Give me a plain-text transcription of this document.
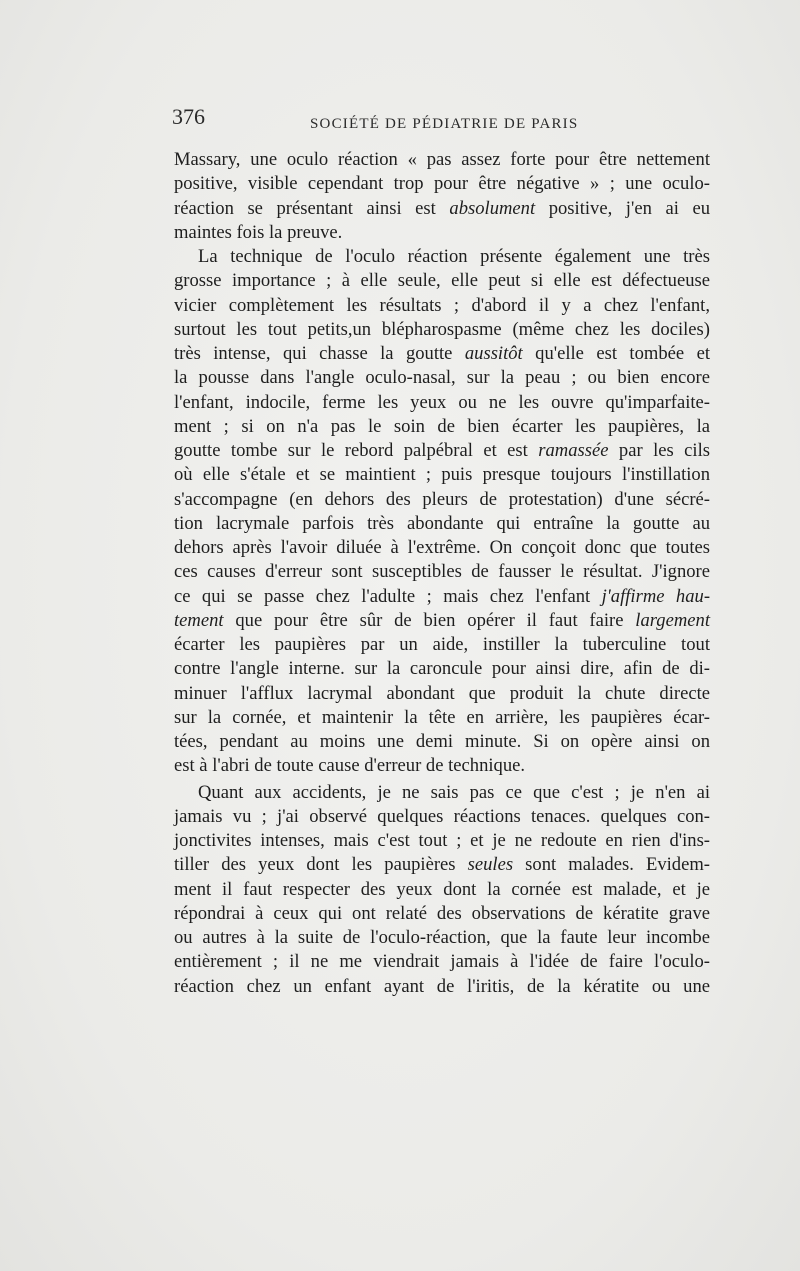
376	SOCIÉTÉ DE PÉDIATRIE DE PARIS
Massary, une oculo réaction « pas assez forte pour être nettement
positive, visible cependant trop pour être négative » ; une oculo-
réaction se présentant ainsi est absolument positive, j'en ai eu
maintes fois la preuve.
La technique de l'oculo réaction présente également une très
grosse importance ; à elle seule, elle peut si elle est défectueuse
vicier complètement les résultats ; d'abord il y a chez l'enfant,
surtout les tout petits,un blépharospasme (même chez les dociles)
très intense, qui chasse la goutte aussitôt qu'elle est tombée et
la pousse dans l'angle oculo-nasal, sur la peau ; ou bien encore
l'enfant, indocile, ferme les yeux ou ne les ouvre qu'imparfaite-
ment ; si on n'a pas le soin de bien écarter les paupières, la
goutte tombe sur le rebord palpébral et est ramassée par les cils
où elle s'étale et se maintient ; puis presque toujours l'instillation
s'accompagne (en dehors des pleurs de protestation) d'une sécré-
tion lacrymale parfois très abondante qui entraîne la goutte au
dehors après l'avoir diluée à l'extrême. On conçoit donc que toutes
ces causes d'erreur sont susceptibles de fausser le résultat. J'ignore
ce qui se passe chez l'adulte ; mais chez l'enfant j'affirme hau-
tement que pour être sûr de bien opérer il faut faire largement
écarter les paupières par un aide, instiller la tuberculine tout
contre l'angle interne. sur la caroncule pour ainsi dire, afin de di-
minuer l'afflux lacrymal abondant que produit la chute directe
sur la cornée, et maintenir la tête en arrière, les paupières écar-
tées, pendant au moins une demi minute. Si on opère ainsi on
est à l'abri de toute cause d'erreur de technique.
Quant aux accidents, je ne sais pas ce que c'est ; je n'en ai
jamais vu ; j'ai observé quelques réactions tenaces. quelques con-
jonctivites intenses, mais c'est tout ; et je ne redoute en rien d'ins-
tiller des yeux dont les paupières seules sont malades. Evidem-
ment il faut respecter des yeux dont la cornée est malade, et je
répondrai à ceux qui ont relaté des observations de kératite grave
ou autres à la suite de l'oculo-réaction, que la faute leur incombe
entièrement ; il ne me viendrait jamais à l'idée de faire l'oculo-
réaction chez un enfant ayant de l'iritis, de la kératite ou une
